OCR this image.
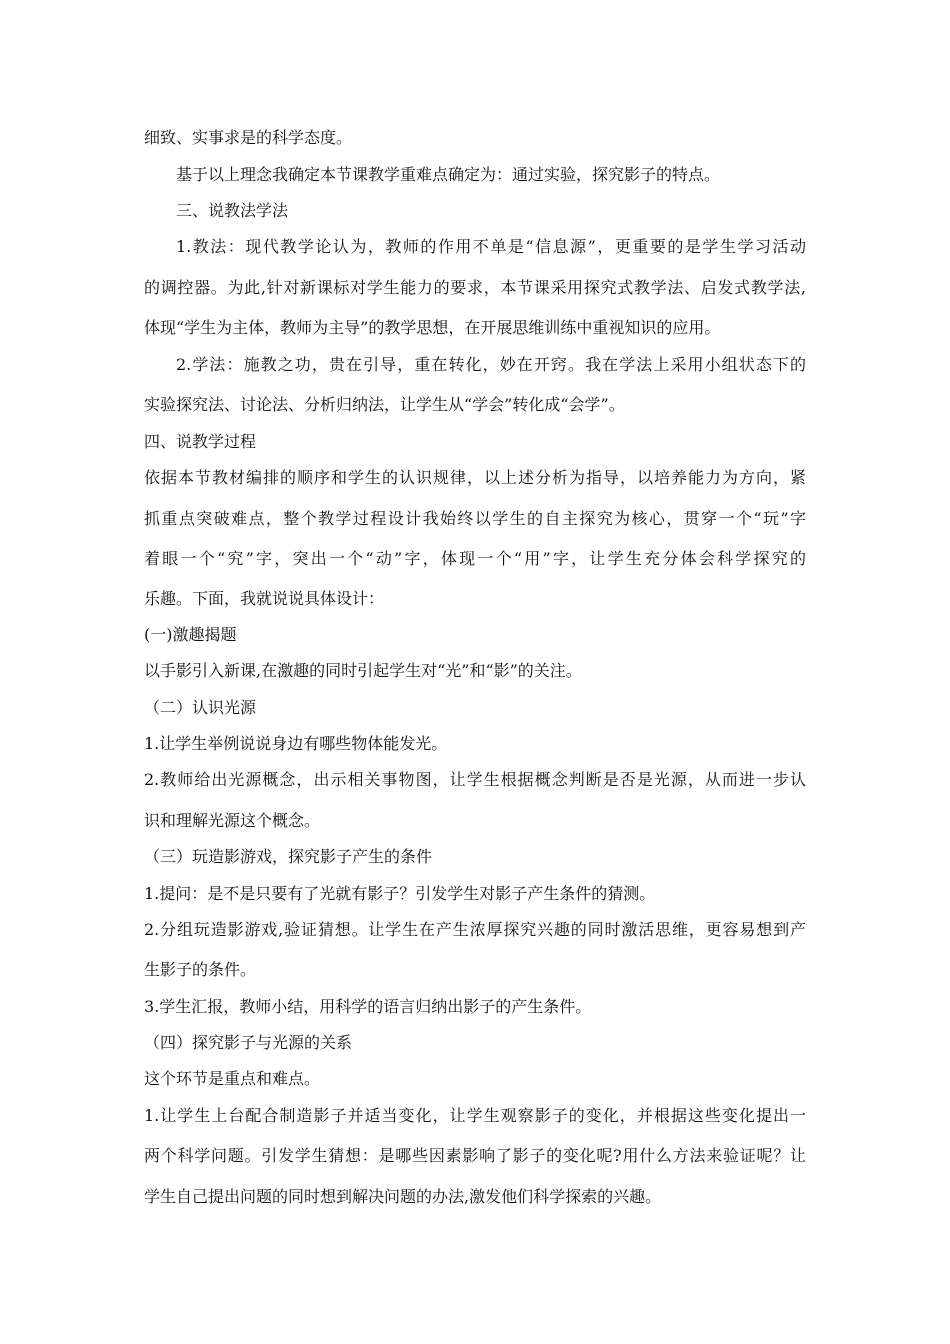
细致、实事求是的科学态度。
基于以上理念我确定本节课教学重难点确定为：通过实验，探究影子的特点。
三、说教法学法
1.教法：现代教学论认为，教师的作用不单是“信息源”，更重要的是学生学习活动
的调控器。为此,针对新课标对学生能力的要求，本节课采用探究式教学法、启发式教学法,
体现“学生为主体，教师为主导”的教学思想，在开展思维训练中重视知识的应用。
2.学法：施教之功，贵在引导，重在转化，妙在开窍。我在学法上采用小组状态下的
实验探究法、讨论法、分析归纳法，让学生从“学会”转化成“会学”。
四、说教学过程
依据本节教材编排的顺序和学生的认识规律，以上述分析为指导，以培养能力为方向，紧
抓重点突破难点，整个教学过程设计我始终以学生的自主探究为核心，贯穿一个“玩”字
着眼一个“究”字，突出一个“动”字，体现一个“用”字，让学生充分体会科学探究的
乐趣。下面，我就说说具体设计：
(一)激趣揭题
以手影引入新课,在激趣的同时引起学生对“光”和“影”的关注。
（二）认识光源
1.让学生举例说说身边有哪些物体能发光。
2.教师给出光源概念，出示相关事物图，让学生根据概念判断是否是光源，从而进一步认
识和理解光源这个概念。
（三）玩造影游戏，探究影子产生的条件
1.提问：是不是只要有了光就有影子？引发学生对影子产生条件的猜测。
2.分组玩造影游戏,验证猜想。让学生在产生浓厚探究兴趣的同时激活思维，更容易想到产
生影子的条件。
3.学生汇报，教师小结，用科学的语言归纳出影子的产生条件。
（四）探究影子与光源的关系
这个环节是重点和难点。
1.让学生上台配合制造影子并适当变化，让学生观察影子的变化，并根据这些变化提出一
两个科学问题。引发学生猜想：是哪些因素影响了影子的变化呢?用什么方法来验证呢？让
学生自己提出问题的同时想到解决问题的办法,激发他们科学探索的兴趣。
